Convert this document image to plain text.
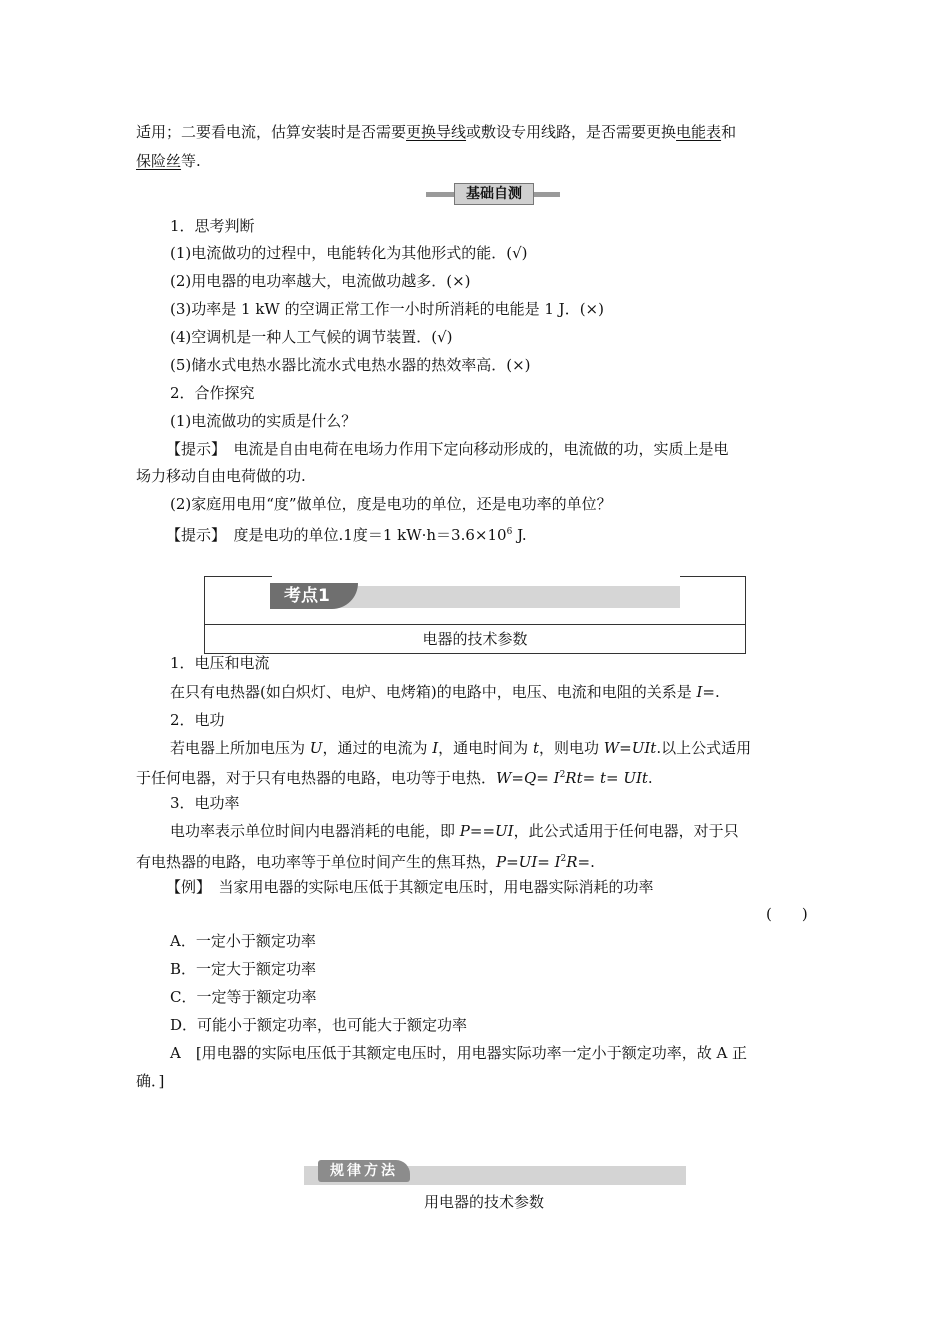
适用；二要看电流，估算安装时是否需要更换导线或敷设专用线路，是否需要更换电能表和
保险丝等.
基础自测
1．思考判断
(1)电流做功的过程中，电能转化为其他形式的能．(√)
(2)用电器的电功率越大，电流做功越多．(×)
(3)功率是 1 kW 的空调正常工作一小时所消耗的电能是 1 J．(×)
(4)空调机是一种人工气候的调节装置．(√)
(5)储水式电热水器比流水式电热水器的热效率高．(×)
2．合作探究
(1)电流做功的实质是什么？
【提示】　电流是自由电荷在电场力作用下定向移动形成的，电流做的功，实质上是电
场力移动自由电荷做的功.
(2)家庭用电用“度”做单位，度是电功的单位，还是电功率的单位？
【提示】　度是电功的单位.1度＝1 $kW\cdot h=3.6\times 10^6$ J.
考点1
电器的技术参数
1．电压和电流
在只有电热器(如白炽灯、电炉、电烤箱)的电路中，电压、电流和电阻的关系是 I=.
2．电功
若电器上所加电压为 U，通过的电流为 I，通电时间为 t，则电功 W=UIt.以上公式适用
于任何电器，对于只有电热器的电路，电功等于电热．$W=Q= I^2Rt= t=$ UIt.
3．电功率
电功率表示单位时间内电器消耗的电能，即 P==UI，此公式适用于任何电器，对于只
有电热器的电路，电功率等于单位时间产生的焦耳热，$P=UI= I^2R=$.
【例】　当家用电器的实际电压低于其额定电压时，用电器实际消耗的功率
(　　)
A．一定小于额定功率
B．一定大于额定功率
C．一定等于额定功率
D．可能小于额定功率，也可能大于额定功率
A　[用电器的实际电压低于其额定电压时，用电器实际功率一定小于额定功率，故 A 正
确．]
规律方法
用电器的技术参数
